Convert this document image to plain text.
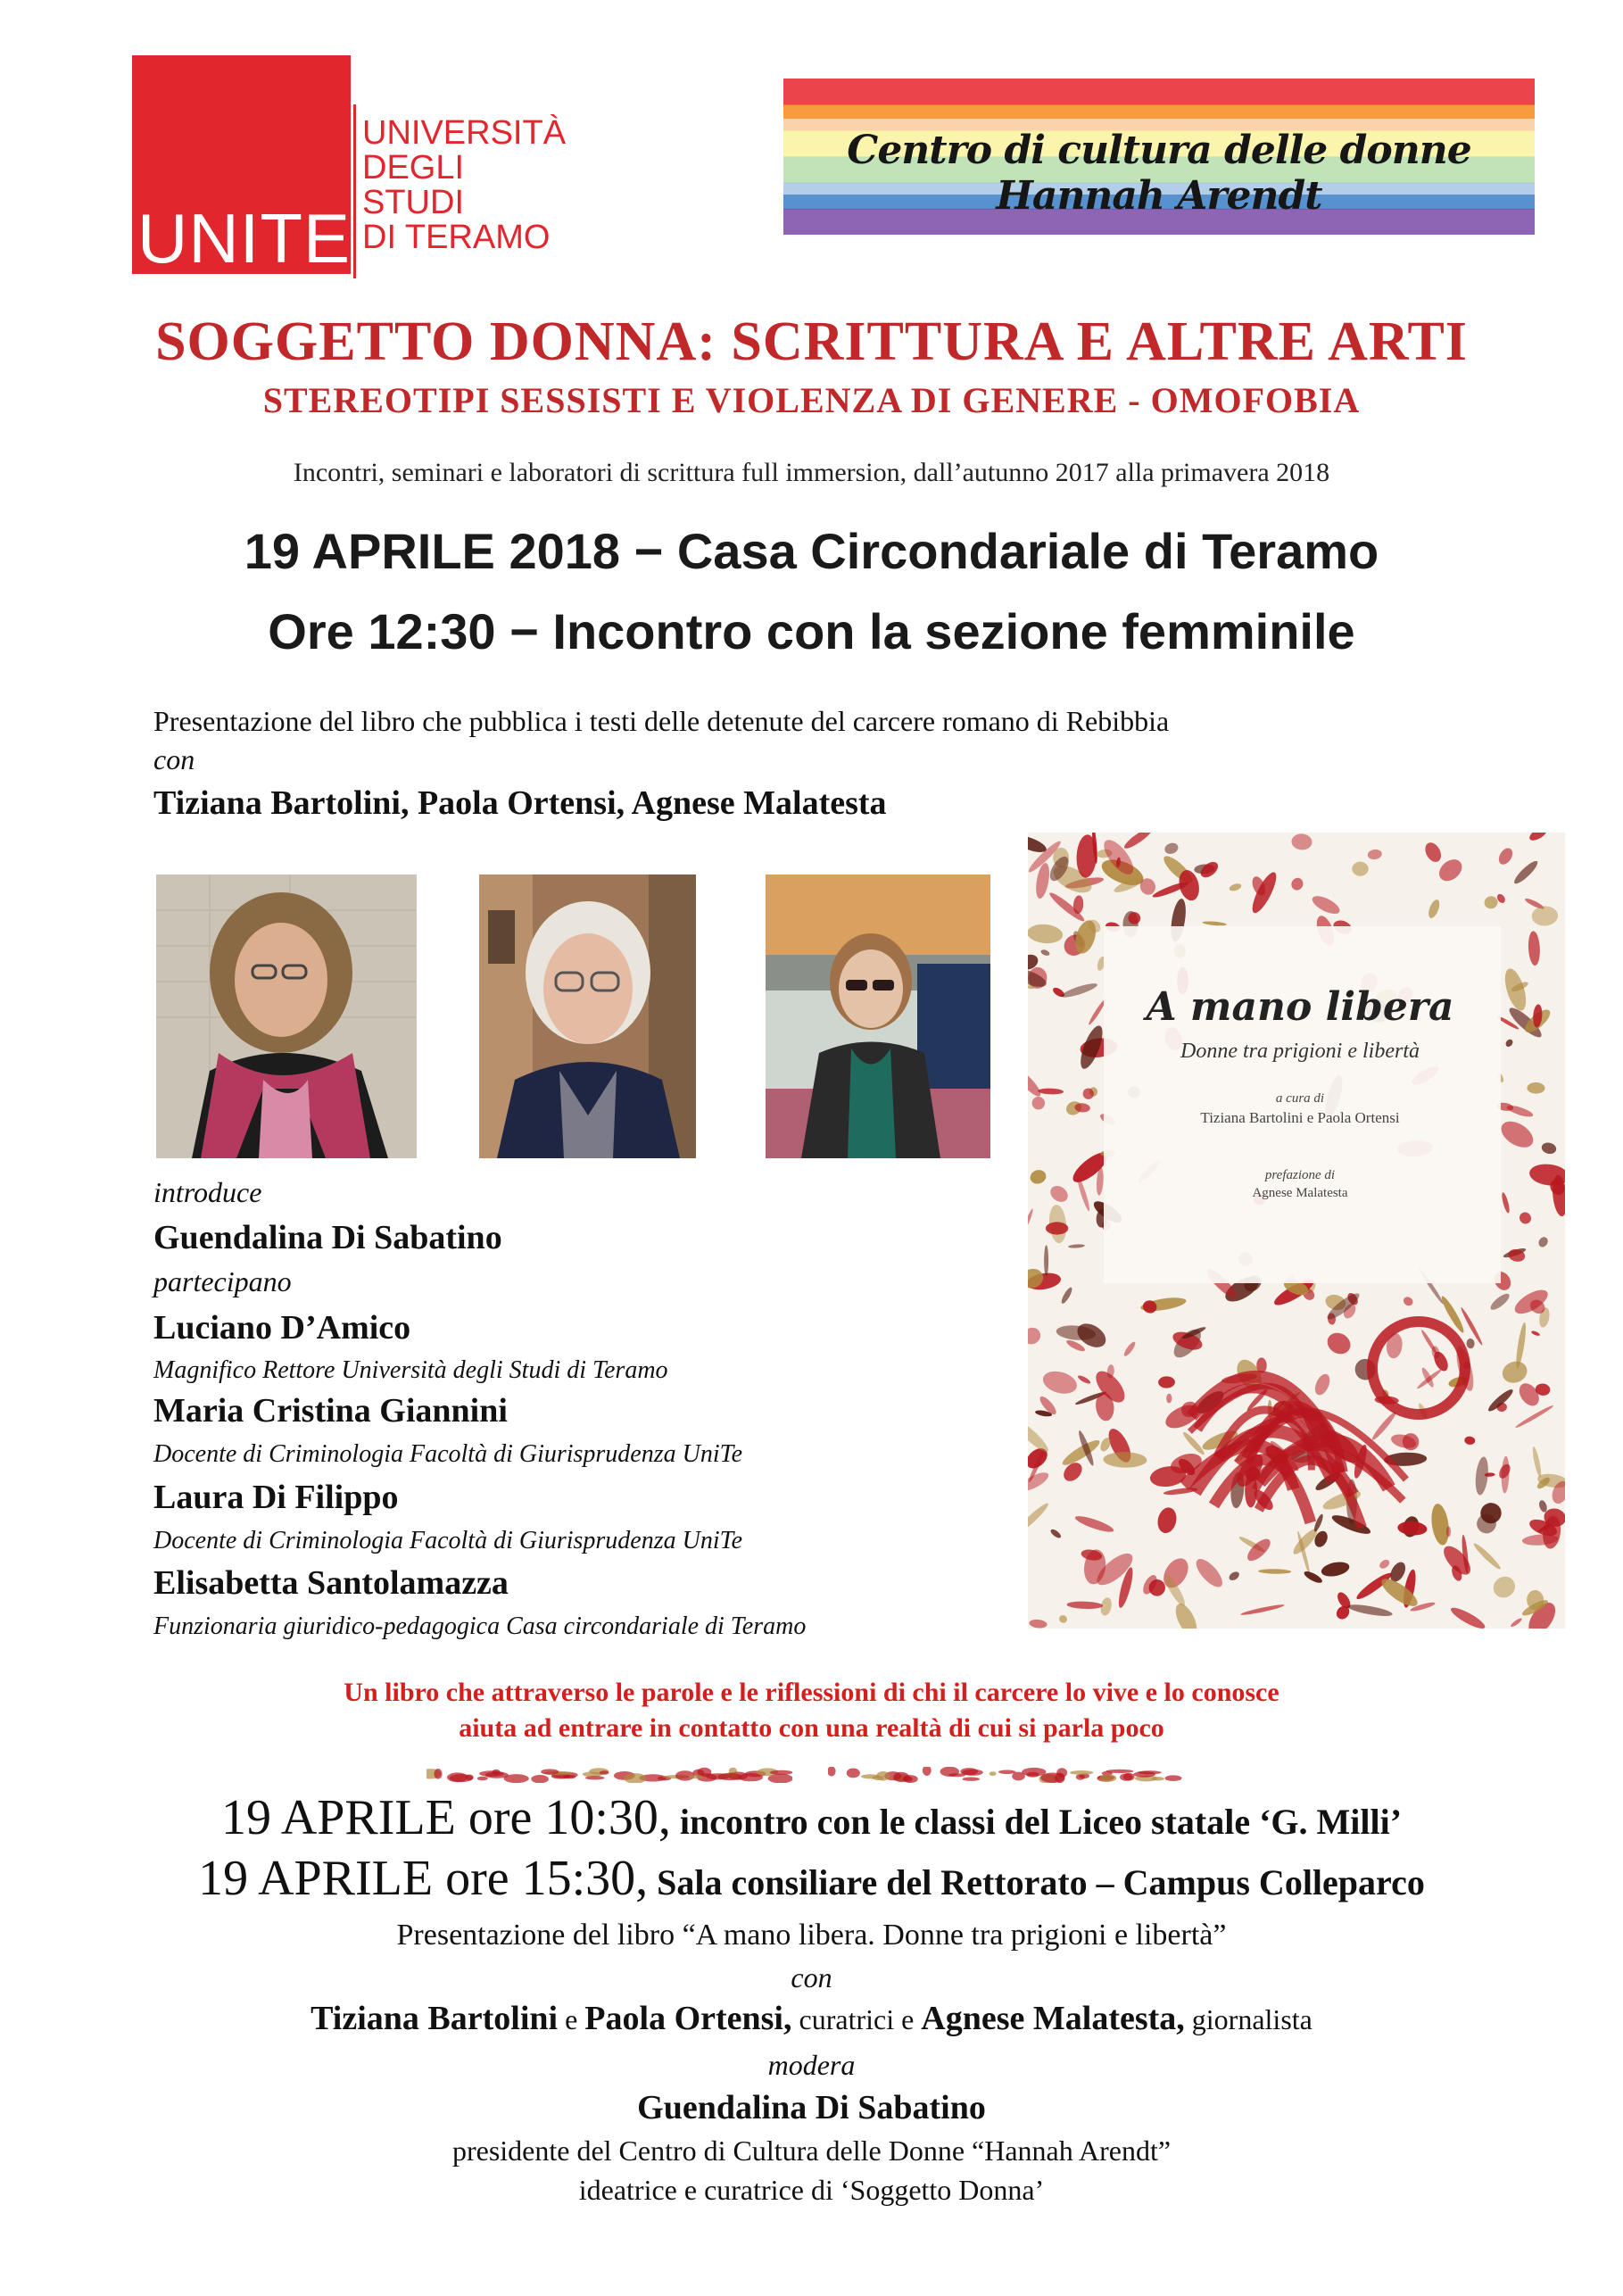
UNITE
UNIVERSITÀ
DEGLI STUDI
DI TERAMO
Centro di cultura delle donne Hannah Arendt
SOGGETTO DONNA: SCRITTURA E ALTRE ARTI
STEREOTIPI SESSISTI E VIOLENZA DI GENERE - OMOFOBIA
Incontri, seminari e laboratori di scrittura full immersion, dall’autunno 2017 alla primavera 2018
19 APRILE 2018 − Casa Circondariale di Teramo
Ore 12:30 − Incontro con la sezione femminile
Presentazione del libro che pubblica i testi delle detenute del carcere romano di Rebibbia
con
Tiziana Bartolini, Paola Ortensi, Agnese Malatesta
introduce
Guendalina Di Sabatino
partecipano
Luciano D’Amico
Magnifico Rettore Università degli Studi di Teramo
Maria Cristina Giannini
Docente di Criminologia Facoltà di Giurisprudenza UniTe
Laura Di Filippo
Docente di Criminologia Facoltà di Giurisprudenza UniTe
Elisabetta Santolamazza
Funzionaria giuridico-pedagogica Casa circondariale di Teramo
A mano libera
Donne tra prigioni e libertà
a cura di
Tiziana Bartolini e Paola Ortensi
prefazione di
Agnese Malatesta
Un libro che attraverso le parole e le riflessioni di chi il carcere lo vive e lo conosce
aiuta ad entrare in contatto con una realtà di cui si parla poco
19 APRILE ore 10:30, incontro con le classi del Liceo statale ‘G. Milli’
19 APRILE ore 15:30, Sala consiliare del Rettorato – Campus Colleparco
Presentazione del libro “A mano libera. Donne tra prigioni e libertà”
con
Tiziana Bartolini e Paola Ortensi, curatrici e Agnese Malatesta, giornalista
modera
Guendalina Di Sabatino
presidente del Centro di Cultura delle Donne “Hannah Arendt”
ideatrice e curatrice di ‘Soggetto Donna’
